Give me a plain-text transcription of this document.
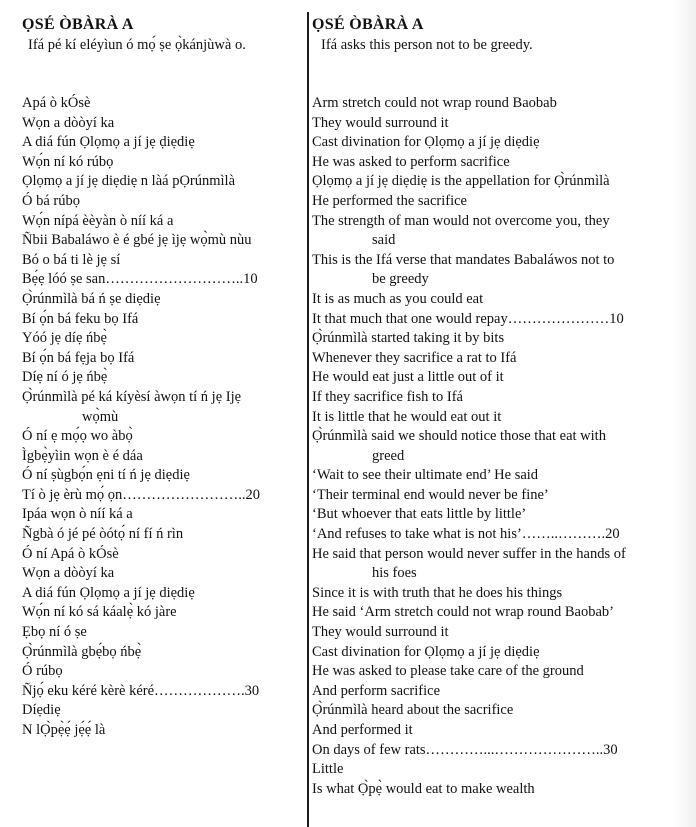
ỌSÉ ÒBÀRÀ A
Ifá pé kí eléyìun ó mọ́ ṣe ọ̀kánjùwà o.
Apá ò kÓsè
Wọn a dòòyí ka
A diá fún Ọlọmọ a jí jẹ ḍiẹdiẹ
Wọ́n ní kó rúbọ
Ọlọmọ a jí jẹ diẹdiẹ n làá pỌrúnmìlà
Ó bá rúbọ
Wọ́n nípá èèyàn ò níí ká a
Ñbii Babaláwo è é gbé jẹ ìjẹ wọ̀mù nùu
Bó o bá ti lè jẹ sí
Bẹ́ẹ lóó ṣe san………………………..10
Ọ̀rúnmìlà bá ń ṣe diẹdiẹ
Bí ọ́n bá feku bọ Ifá
Yóó jẹ díẹ ńbẹ̀
Bí ọ́n bá fẹja bọ Ifá
Díẹ ní ó jẹ ńbẹ̀
Ọ̀rúnmìlà pé ká kíyèsí àwọn tí ń jẹ Ijẹ
wọ̀mù
Ó ní ẹ mọ́ọ wo àbọ̀
Ìgbẹ̀yìin wọn è é dáa
Ó ní ṣùgbọ́n ẹni tí ń jẹ diẹdiẹ
Tí ò jẹ èrù mọ́ ọn……………………..20
Ipáa wọn ò níí ká a
Ñgbà ó jé pé òótọ́ ní fí ń rìn
Ó ní Apá ò kÓsè
Wọn a dòòyí ka
A diá fún Ọlọmọ a jí jẹ diẹdiẹ
Wọ́n ní kó sá káalẹ̀ kó jàre
Ẹbọ ní ó ṣe
Ọ̀rúnmìlà gbẹ́bọ ńbẹ̀
Ó rúbọ
Ñjọ́ eku kéré kèrè kéré……………….30
Díẹdiẹ
N lỌ̀pẹ̀ẹ́ jẹ́ẹ́ là
ỌSÉ ÒBÀRÀ A
Ifá asks this person not to be greedy.
Arm stretch could not wrap round Baobab
They would surround it
Cast divination for Ọlọmọ a jí jẹ diẹdiẹ
He was asked to perform sacrifice
Ọlọmọ a jí jẹ diẹdiẹ is the appellation for Ọ̀rúnmìlà
He performed the sacrifice
The strength of man would not overcome you, they
said
This is the Ifá verse that mandates Babaláwos not to
be greedy
It is as much as you could eat
It that much that one would repay…………………10
Ọ̀rúnmìlà started taking it by bits
Whenever they sacrifice a rat to Ifá
He would eat just a little out of it
If they sacrifice fish to Ifá
It is little that he would eat out it
Ọ̀rúnmìlà said we should notice those that eat with
greed
‘Wait to see their ultimate end’ He said
‘Their terminal end would never be fine’
‘But whoever that eats little by little’
‘And refuses to take what is not his’……..……….20
He said that person would never suffer in the hands of
his foes
Since it is with truth that he does his things
He said ‘Arm stretch could not wrap round Baobab’
They would surround it
Cast divination for Ọlọmọ a jí jẹ diẹdiẹ
He was asked to please take care of the ground
And perform sacrifice
Ọ̀rúnmìlà heard about the sacrifice
And performed it
On days of few rats…………...…………………..30
Little
Is what Ọ̀pẹ̀ would eat to make wealth
